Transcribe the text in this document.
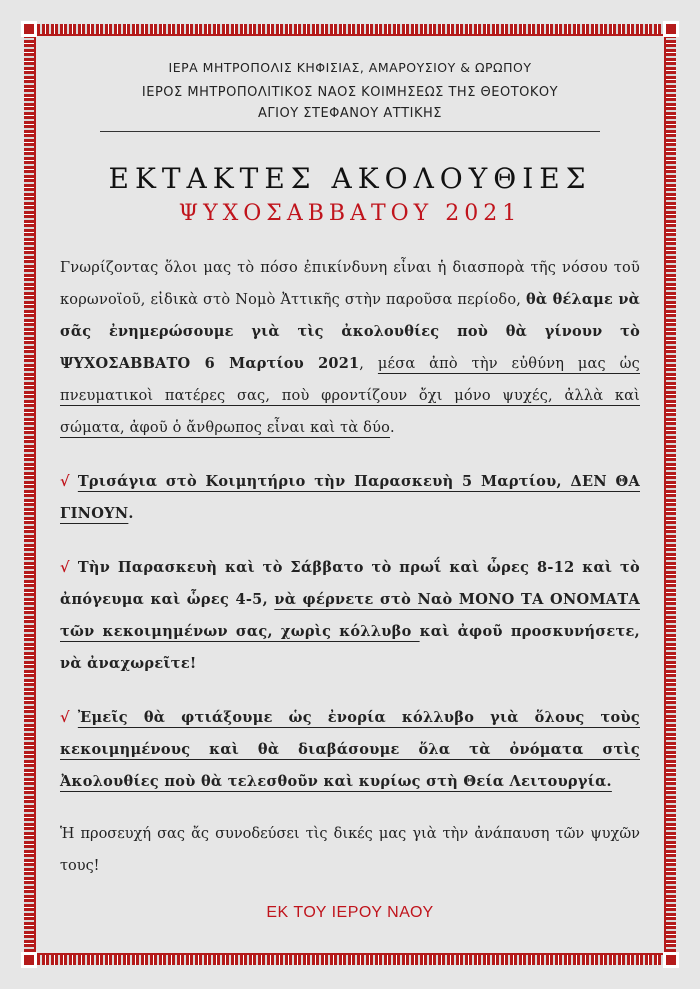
ΙΕΡΑ ΜΗΤΡΟΠΟΛΙΣ ΚΗΦΙΣΙΑΣ, ΑΜΑΡΟΥΣΙΟΥ & ΩΡΩΠΟΥ
ΙΕΡΟΣ ΜΗΤΡΟΠΟΛΙΤΙΚΟΣ ΝΑΟΣ ΚΟΙΜΗΣΕΩΣ ΤΗΣ ΘΕΟΤΟΚΟΥ
ΑΓΙΟΥ ΣΤΕΦΑΝΟΥ ΑΤΤΙΚΗΣ
ΕΚΤΑΚΤΕΣ ΑΚΟΛΟΥΘΙΕΣ
ΨΥΧΟΣΑΒΒΑΤΟΥ 2021
Γνωρίζοντας ὅλοι μας τὸ πόσο ἐπικίνδυνη εἶναι ἡ διασπορὰ τῆς νόσου τοῦ κορωνοϊοῦ, εἰδικὰ στὸ Νομὸ Ἀττικῆς στὴν παροῦσα περίοδο, θὰ θέλαμε νὰ σᾶς ἐνημερώσουμε γιὰ τὶς ἀκολουθίες ποὺ θὰ γίνουν τὸ ΨΥΧΟΣΑΒΒΑΤΟ 6 Μαρτίου 2021, μέσα ἀπὸ τὴν εὐθύνη μας ὡς πνευματικοὶ πατέρες σας, ποὺ φροντίζουν ὄχι μόνο ψυχές, ἀλλὰ καὶ σώματα, ἀφοῦ ὁ ἄνθρωπος εἶναι καὶ τὰ δύο.
√ Τρισάγια στὸ Κοιμητήριο τὴν Παρασκευὴ 5 Μαρτίου, ΔΕΝ ΘΑ ΓΙΝΟΥΝ.
√ Τὴν Παρασκευὴ καὶ τὸ Σάββατο τὸ πρωΐ καὶ ὧρες 8-12 καὶ τὸ ἀπόγευμα καὶ ὧρες 4-5, νὰ φέρνετε στὸ Ναὸ ΜΟΝΟ ΤΑ ΟΝΟΜΑΤΑ τῶν κεκοιμημένων σας, χωρὶς κόλλυβο καὶ ἀφοῦ προσκυνήσετε, νὰ ἀναχωρεῖτε!
√ Ἐμεῖς θὰ φτιάξουμε ὡς ἐνορία κόλλυβο γιὰ ὅλους τοὺς κεκοιμημένους καὶ θὰ διαβάσουμε ὅλα τὰ ὀνόματα στὶς Ἀκολουθίες ποὺ θὰ τελεσθοῦν καὶ κυρίως στὴ Θεία Λειτουργία.
Ἡ προσευχή σας ἄς συνοδεύσει τὶς δικές μας γιὰ τὴν ἀνάπαυση τῶν ψυχῶν τους!
ΕΚ ΤΟΥ ΙΕΡΟΥ ΝΑΟΥ
